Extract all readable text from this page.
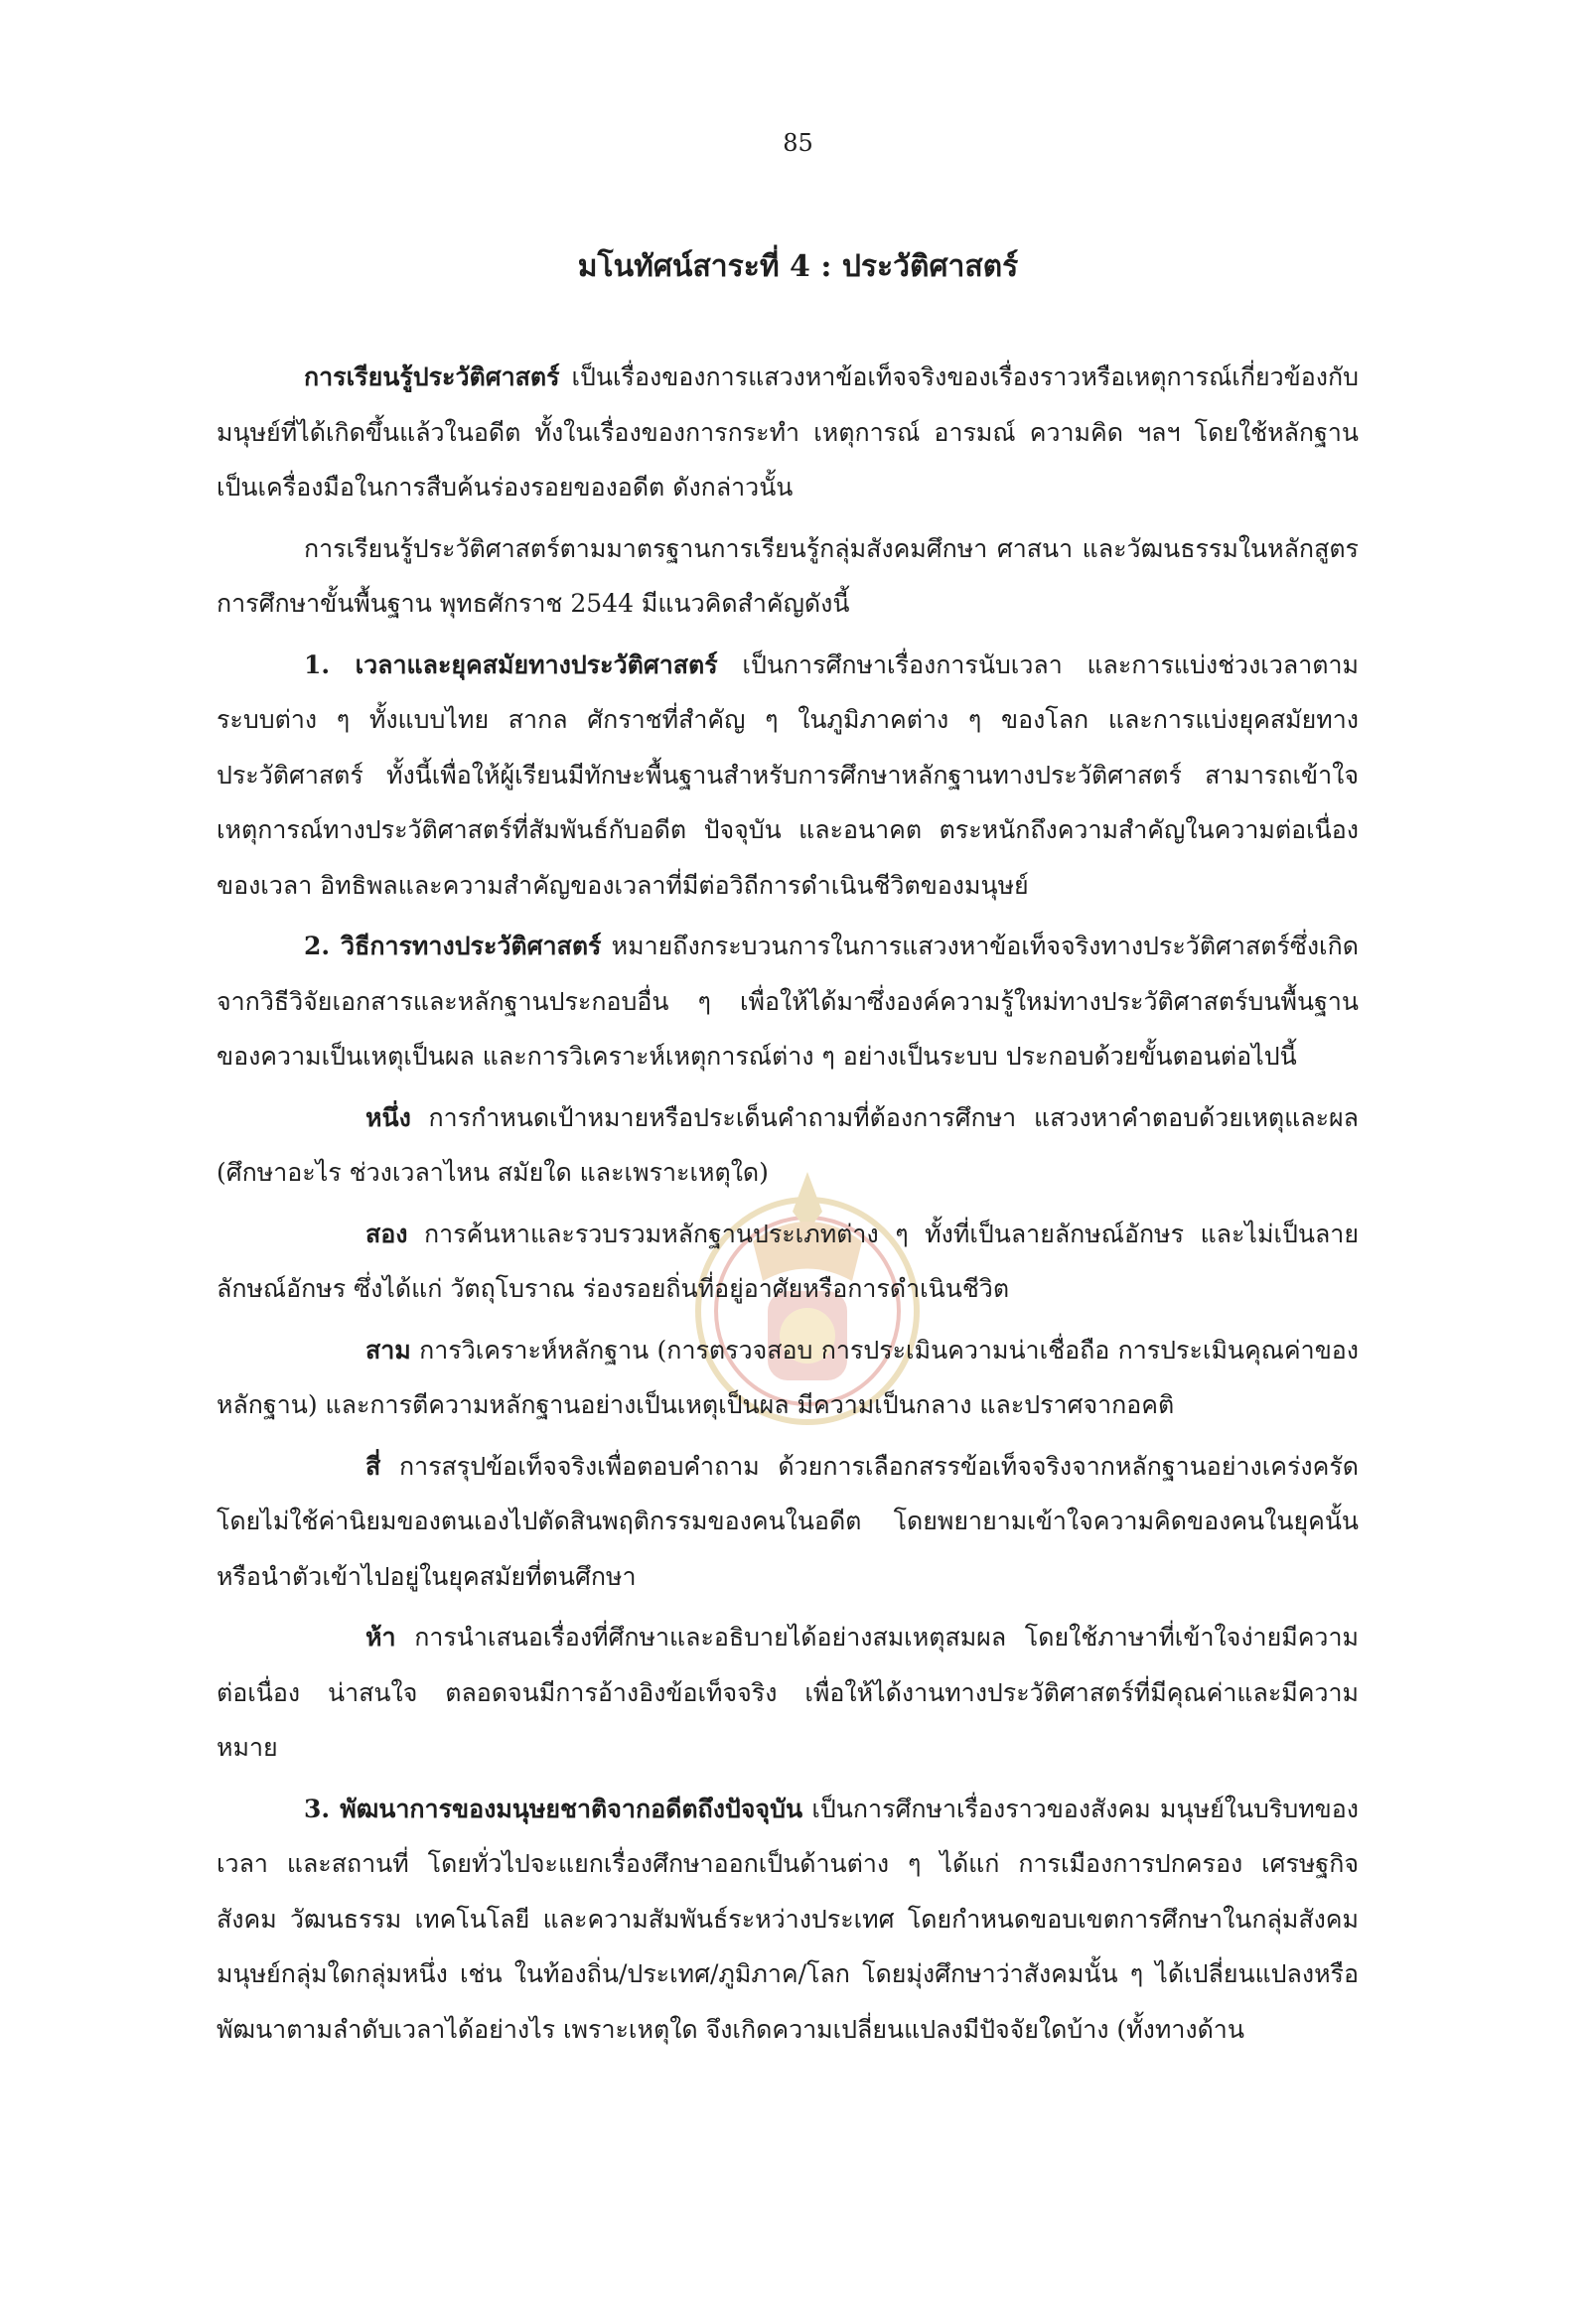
85
มโนทัศน์สาระที่ 4 : ประวัติศาสตร์

การเรียนรู้ประวัติศาสตร์ เป็นเรื่องของการแสวงหาข้อเท็จจริงของเรื่องราวหรือเหตุการณ์เกี่ยวข้องกับมนุษย์ที่ได้เกิดขึ้นแล้วในอดีต ทั้งในเรื่องของการกระทำ เหตุการณ์ อารมณ์ ความคิด ฯลฯ โดยใช้หลักฐาน เป็นเครื่องมือในการสืบค้นร่องรอยของอดีต ดังกล่าวนั้น

การเรียนรู้ประวัติศาสตร์ตามมาตรฐานการเรียนรู้กลุ่มสังคมศึกษา ศาสนา และวัฒนธรรมในหลักสูตรการศึกษาขั้นพื้นฐาน พุทธศักราช 2544 มีแนวคิดสำคัญดังนี้

1. เวลาและยุคสมัยทางประวัติศาสตร์ เป็นการศึกษาเรื่องการนับเวลา และการแบ่งช่วงเวลาตามระบบต่าง ๆ ทั้งแบบไทย สากล ศักราชที่สำคัญ ๆ ในภูมิภาคต่าง ๆ ของโลก และการแบ่งยุคสมัยทางประวัติศาสตร์ ทั้งนี้เพื่อให้ผู้เรียนมีทักษะพื้นฐานสำหรับการศึกษาหลักฐานทางประวัติศาสตร์ สามารถเข้าใจเหตุการณ์ทางประวัติศาสตร์ที่สัมพันธ์กับอดีต ปัจจุบัน และอนาคต ตระหนักถึงความสำคัญในความต่อเนื่องของเวลา อิทธิพลและความสำคัญของเวลาที่มีต่อวิถีการดำเนินชีวิตของมนุษย์

2. วิธีการทางประวัติศาสตร์ หมายถึงกระบวนการในการแสวงหาข้อเท็จจริงทางประวัติศาสตร์ซึ่งเกิดจากวิธีวิจัยเอกสารและหลักฐานประกอบอื่น ๆ เพื่อให้ได้มาซึ่งองค์ความรู้ใหม่ทางประวัติศาสตร์บนพื้นฐานของความเป็นเหตุเป็นผล และการวิเคราะห์เหตุการณ์ต่าง ๆ อย่างเป็นระบบ ประกอบด้วยขั้นตอนต่อไปนี้

หนึ่ง การกำหนดเป้าหมายหรือประเด็นคำถามที่ต้องการศึกษา แสวงหาคำตอบด้วยเหตุและผล (ศึกษาอะไร ช่วงเวลาไหน สมัยใด และเพราะเหตุใด)

สอง การค้นหาและรวบรวมหลักฐานประเภทต่าง ๆ ทั้งที่เป็นลายลักษณ์อักษร และไม่เป็นลายลักษณ์อักษร ซึ่งได้แก่ วัตถุโบราณ ร่องรอยถิ่นที่อยู่อาศัยหรือการดำเนินชีวิต

สาม การวิเคราะห์หลักฐาน (การตรวจสอบ การประเมินความน่าเชื่อถือ การประเมินคุณค่าของหลักฐาน) และการตีความหลักฐานอย่างเป็นเหตุเป็นผล มีความเป็นกลาง และปราศจากอคติ

สี่ การสรุปข้อเท็จจริงเพื่อตอบคำถาม ด้วยการเลือกสรรข้อเท็จจริงจากหลักฐานอย่างเคร่งครัด โดยไม่ใช้ค่านิยมของตนเองไปตัดสินพฤติกรรมของคนในอดีต โดยพยายามเข้าใจความคิดของคนในยุคนั้นหรือนำตัวเข้าไปอยู่ในยุคสมัยที่ตนศึกษา

ห้า การนำเสนอเรื่องที่ศึกษาและอธิบายได้อย่างสมเหตุสมผล โดยใช้ภาษาที่เข้าใจง่ายมีความต่อเนื่อง น่าสนใจ ตลอดจนมีการอ้างอิงข้อเท็จจริง เพื่อให้ได้งานทางประวัติศาสตร์ที่มีคุณค่าและมีความหมาย

3. พัฒนาการของมนุษยชาติจากอดีตถึงปัจจุบัน เป็นการศึกษาเรื่องราวของสังคม มนุษย์ในบริบทของเวลา และสถานที่ โดยทั่วไปจะแยกเรื่องศึกษาออกเป็นด้านต่าง ๆ ได้แก่ การเมืองการปกครอง เศรษฐกิจ สังคม วัฒนธรรม เทคโนโลยี และความสัมพันธ์ระหว่างประเทศ โดยกำหนดขอบเขตการศึกษาในกลุ่มสังคมมนุษย์กลุ่มใดกลุ่มหนึ่ง เช่น ในท้องถิ่น/ประเทศ/ภูมิภาค/โลก โดยมุ่งศึกษาว่าสังคมนั้น ๆ ได้เปลี่ยนแปลงหรือพัฒนาตามลำดับเวลาได้อย่างไร เพราะเหตุใด จึงเกิดความเปลี่ยนแปลงมีปัจจัยใดบ้าง (ทั้งทางด้าน
